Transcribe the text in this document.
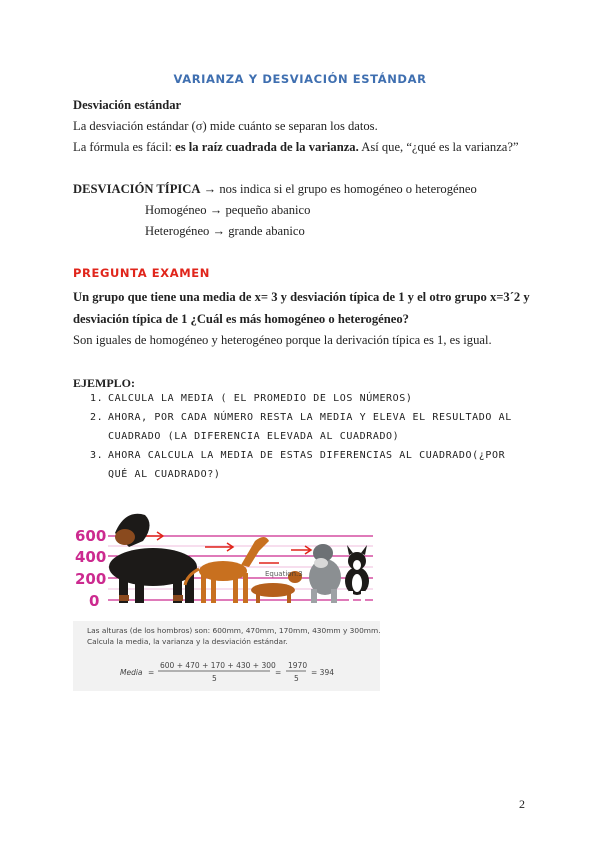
VARIANZA Y DESVIACIÓN ESTÁNDAR
Desviación estándar
La desviación estándar (σ) mide cuánto se separan los datos.
La fórmula es fácil: es la raíz cuadrada de la varianza. Así que, “¿qué es la varianza?”
DESVIACIÓN TÍPICA → nos indica si el grupo es homogéneo o heterogéneo
Homogéneo → pequeño abanico
Heterogéneo → grande abanico
PREGUNTA EXAMEN
Un grupo que tiene una media de x= 3 y desviación típica de 1 y el otro grupo x=3´2 y
desviación típica de 1 ¿Cuál es más homogéneo o heterogéneo?
Son iguales de homogéneo y heterogéneo porque la derivación típica es 1, es igual.
EJEMPLO:
1. CALCULA LA MEDIA ( EL PROMEDIO DE LOS NÚMEROS)
2. AHORA, POR CADA NÚMERO RESTA LA MEDIA Y ELEVA EL RESULTADO AL
CUADRADO (LA DIFERENCIA ELEVADA AL CUADRADO)
3. AHORA CALCULA LA MEDIA DE ESTAS DIFERENCIAS AL CUADRADO(¿POR
QUÉ AL CUADRADO?)
600
400
200
0
Equation.3
Las alturas (de los hombros) son: 600mm, 470mm, 170mm, 430mm y 300mm.
Calcula la media, la varianza y la desviación estándar.
Media =
600 + 470 + 170 + 430 + 300
5
=
1970
5
= 394
2
